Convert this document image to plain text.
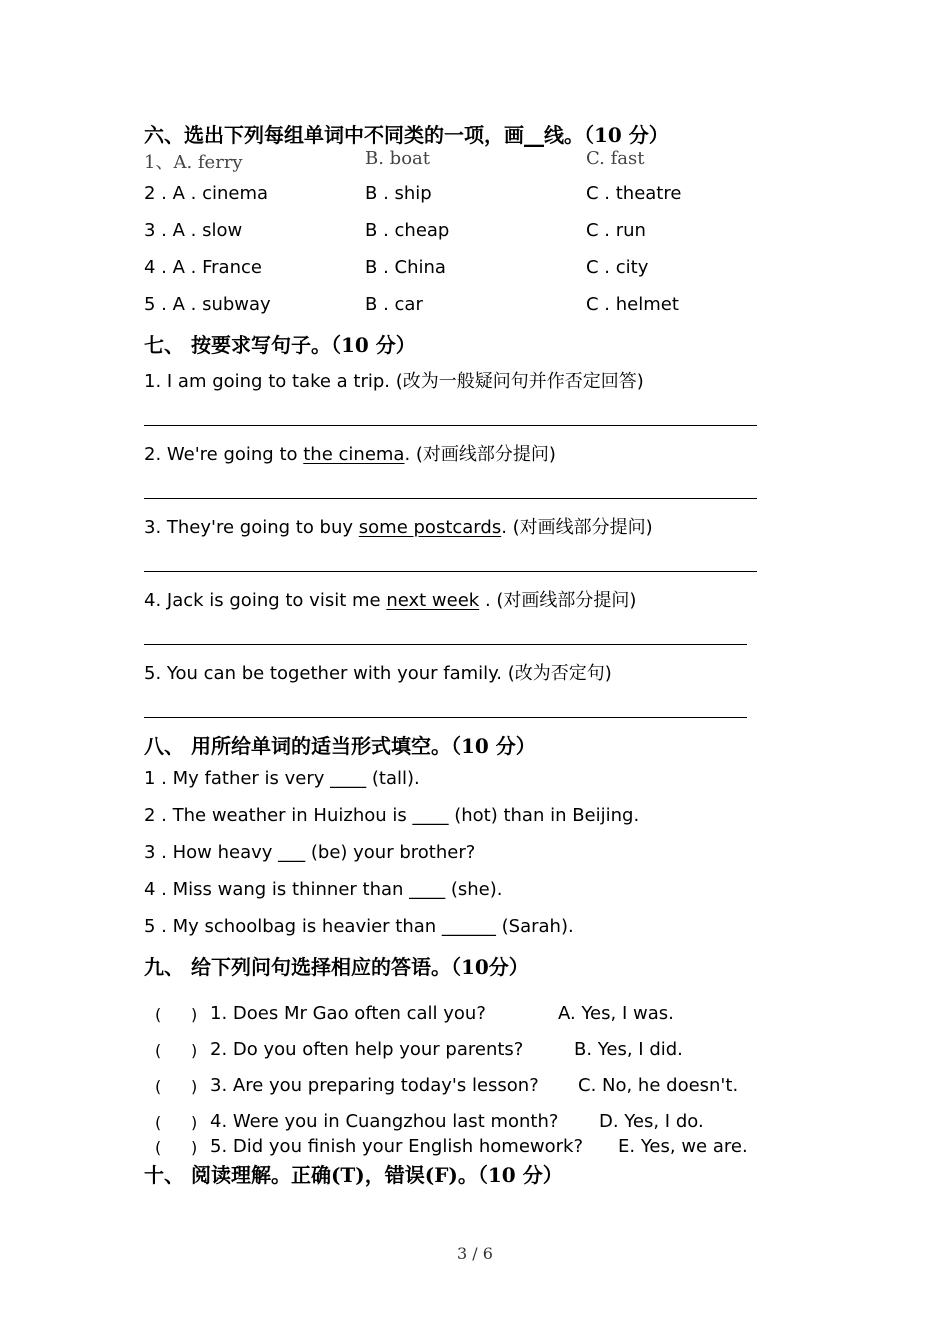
六、选出下列每组单词中不同类的一项，画__线。（10 分）
1、A. ferry	B. boat	C. fast
2 . A . cinema	B . ship	C . theatre
3 . A . slow	B . cheap	C . run
4 . A . France	B . China	C . city
5 . A . subway	B . car	C . helmet
七、 按要求写句子。（10 分）
1. I am going to take a trip. (改为一般疑问句并作否定回答)
2. We're going to the cinema. (对画线部分提问)
3. They're going to buy some postcards. (对画线部分提问)
4. Jack is going to visit me next week . (对画线部分提问)
5. You can be together with your family. (改为否定句)
八、 用所给单词的适当形式填空。（10 分）
1 . My father is very ____ (tall).
2 . The weather in Huizhou is ____ (hot) than in Beijing.
3 . How heavy ___ (be) your brother?
4 . Miss wang is thinner than ____ (she).
5 . My schoolbag is heavier than ______ (Sarah).
九、 给下列问句选择相应的答语。（10分）
( ) 1. Does Mr Gao often call you?	A. Yes, I was.
( ) 2. Do you often help your parents?	B. Yes, I did.
( ) 3. Are you preparing today's lesson? C. No, he doesn't.
( ) 4. Were you in Cuangzhou last month? D. Yes, I do.
( ) 5. Did you finish your English homework? E. Yes, we are.
十、 阅读理解。正确(T)，错误(F)。（10 分）
3 / 6
